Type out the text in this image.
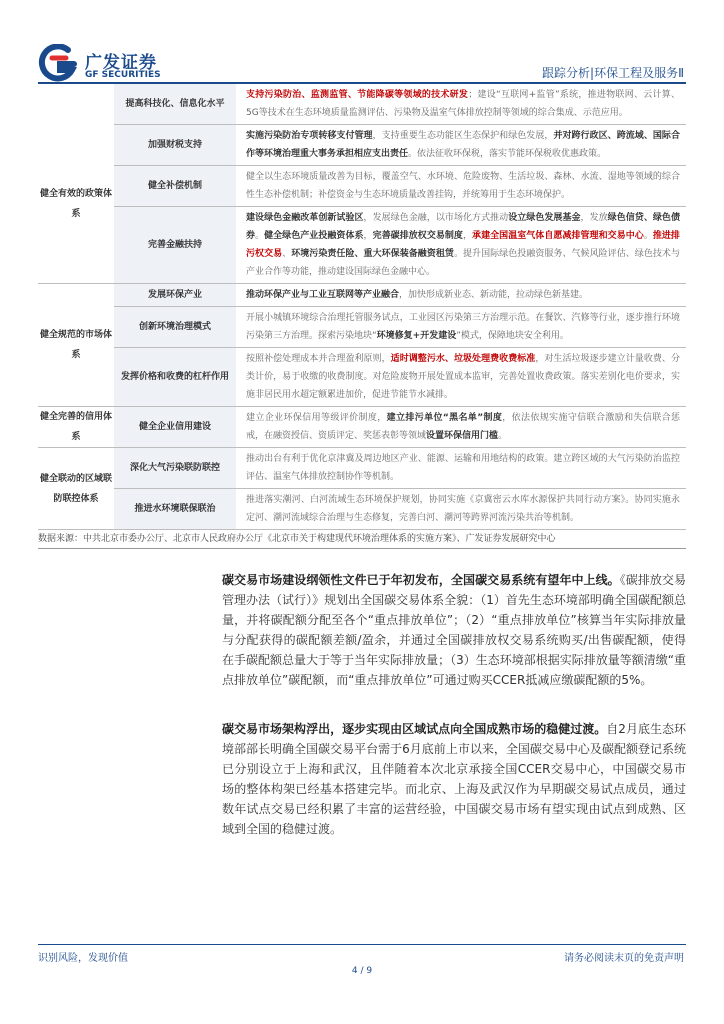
广发证券
GF SECURITIES	跟踪分析|环保工程及服务Ⅱ
	提高科技化、信息化水平	支持污染防治、监测监管、节能降碳等领域的技术研发；建设“互联网+监管”系统，推进物联网、云计算、5G等技术在生态环境质量监测评估、污染物及温室气体排放控制等领域的综合集成、示范应用。
健全有效的政策体系	加强财税支持	实施污染防治专项转移支付管理，支持重要生态功能区生态保护和绿色发展，并对跨行政区、跨流域、国际合作等环境治理重大事务承担相应支出责任。依法征收环保税，落实节能环保税收优惠政策。
	健全补偿机制	健全以生态环境质量改善为目标，覆盖空气、水环境、危险废物、生活垃圾、森林、水流、湿地等领域的综合性生态补偿机制；补偿资金与生态环境质量改善挂钩，并统筹用于生态环境保护。
	完善金融扶持	建设绿色金融改革创新试验区，发展绿色金融，以市场化方式推动设立绿色发展基金，发放绿色信贷、绿色债券。健全绿色产业投融资体系，完善碳排放权交易制度，承建全国温室气体自愿减排管理和交易中心。推进排污权交易、环境污染责任险、重大环保装备融资租赁。提升国际绿色投融资服务、气候风险评估、绿色技术与产业合作等功能，推动建设国际绿色金融中心。
健全规范的市场体系	发展环保产业	推动环保产业与工业互联网等产业融合，加快形成新业态、新动能，拉动绿色新基建。
	创新环境治理模式	开展小城镇环境综合治理托管服务试点，工业园区污染第三方治理示范。在餐饮、汽修等行业，逐步推行环境污染第三方治理。探索污染地块“环境修复+开发建设”模式，保障地块安全利用。
	发挥价格和收费的杠杆作用	按照补偿处理成本并合理盈利原则，适时调整污水、垃圾处理费收费标准，对生活垃圾逐步建立计量收费、分类计价，易于收缴的收费制度。对危险废物开展处置成本监审，完善处置收费政策。落实差别化电价要求，实施非居民用水超定额累进加价，促进节能节水减排。
健全完善的信用体系	健全企业信用建设	建立企业环保信用等级评价制度，建立排污单位“黑名单”制度，依法依规实施守信联合激励和失信联合惩戒，在融资授信、资质评定、奖惩表彰等领域设置环保信用门槛。
健全联动的区域联防联控体系	深化大气污染联防联控	推动出台有利于优化京津冀及周边地区产业、能源、运输和用地结构的政策。建立跨区域的大气污染防治监控评估、温室气体排放控制协作等机制。
	推进水环境联保联治	推进落实潮河、白河流域生态环境保护规划，协同实施《京冀密云水库水源保护共同行动方案》。协同实施永定河、潮河流域综合治理与生态修复，完善白河、潮河等跨界河流污染共治等机制。
数据来源：中共北京市委办公厅、北京市人民政府办公厅《北京市关于构建现代环境治理体系的实施方案》、广发证券发展研究中心
碳交易市场建设纲领性文件已于年初发布，全国碳交易系统有望年中上线。《碳排放交易管理办法（试行）》规划出全国碳交易体系全貌：（1）首先生态环境部明确全国碳配额总量，并将碳配额分配至各个“重点排放单位”；（2）“重点排放单位”核算当年实际排放量与分配获得的碳配额差额/盈余，并通过全国碳排放权交易系统购买/出售碳配额，使得在手碳配额总量大于等于当年实际排放量；（3）生态环境部根据实际排放量等额清缴“重点排放单位”碳配额，而“重点排放单位”可通过购买CCER抵减应缴碳配额的5%。
碳交易市场架构浮出，逐步实现由区域试点向全国成熟市场的稳健过渡。自2月底生态环境部部长明确全国碳交易平台需于6月底前上市以来，全国碳交易中心及碳配额登记系统已分别设立于上海和武汉，且伴随着本次北京承接全国CCER交易中心，中国碳交易市场的整体构架已经基本搭建完毕。而北京、上海及武汉作为早期碳交易试点成员，通过数年试点交易已经积累了丰富的运营经验，中国碳交易市场有望实现由试点到成熟、区域到全国的稳健过渡。
识别风险，发现价值	请务必阅读末页的免责声明
4 / 9
